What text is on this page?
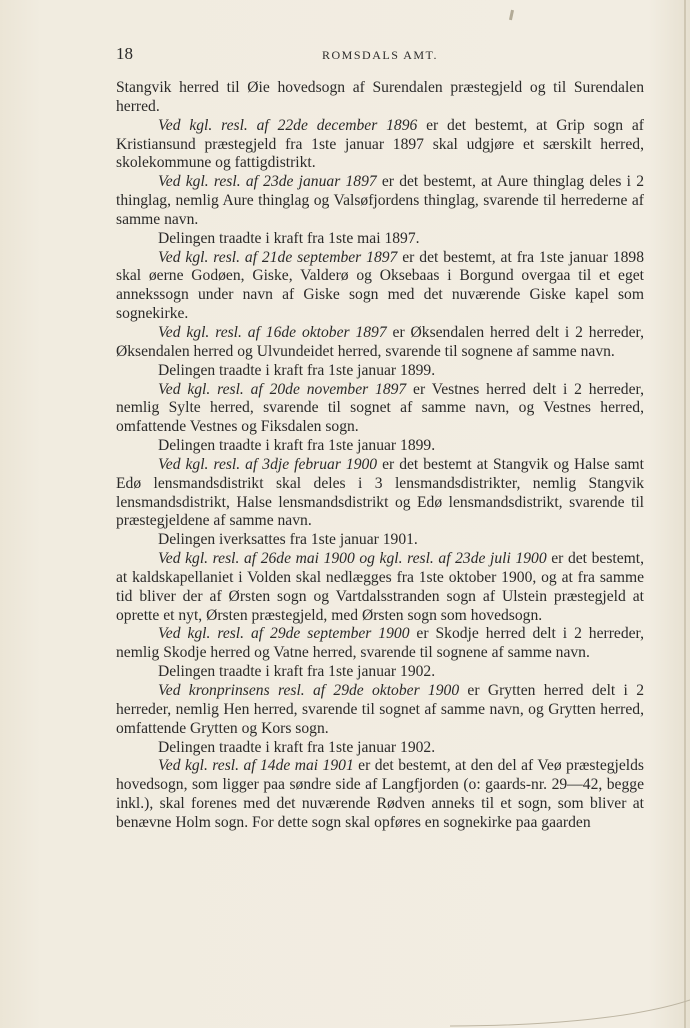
18	ROMSDALS AMT.

Stangvik herred til Øie hovedsogn af Surendalen præstegjeld og til Surendalen herred.

Ved kgl. resl. af 22de december 1896 er det bestemt, at Grip sogn af Kristiansund præstegjeld fra 1ste januar 1897 skal udgjøre et særskilt herred, skolekommune og fattigdistrikt.

Ved kgl. resl. af 23de januar 1897 er det bestemt, at Aure thinglag deles i 2 thinglag, nemlig Aure thinglag og Valsøfjordens thinglag, svarende til herrederne af samme navn.

Delingen traadte i kraft fra 1ste mai 1897.

Ved kgl. resl. af 21de september 1897 er det bestemt, at fra 1ste januar 1898 skal øerne Godøen, Giske, Valderø og Oksebaas i Borgund overgaa til et eget annekssogn under navn af Giske sogn med det nuværende Giske kapel som sognekirke.

Ved kgl. resl. af 16de oktober 1897 er Øksendalen herred delt i 2 herreder, Øksendalen herred og Ulvundeidet herred, svarende til sognene af samme navn.

Delingen traadte i kraft fra 1ste januar 1899.

Ved kgl. resl. af 20de november 1897 er Vestnes herred delt i 2 herreder, nemlig Sylte herred, svarende til sognet af samme navn, og Vestnes herred, omfattende Vestnes og Fiksdalen sogn.

Delingen traadte i kraft fra 1ste januar 1899.

Ved kgl. resl. af 3dje februar 1900 er det bestemt at Stangvik og Halse samt Edø lensmandsdistrikt skal deles i 3 lensmandsdistrikter, nemlig Stangvik lensmandsdistrikt, Halse lensmandsdistrikt og Edø lensmandsdistrikt, svarende til præstegjeldene af samme navn.

Delingen iverksattes fra 1ste januar 1901.

Ved kgl. resl. af 26de mai 1900 og kgl. resl. af 23de juli 1900 er det bestemt, at kaldskapellaniet i Volden skal nedlægges fra 1ste oktober 1900, og at fra samme tid bliver der af Ørsten sogn og Vartdalsstranden sogn af Ulstein præstegjeld at oprette et nyt, Ørsten præstegjeld, med Ørsten sogn som hovedsogn.

Ved kgl. resl. af 29de september 1900 er Skodje herred delt i 2 herreder, nemlig Skodje herred og Vatne herred, svarende til sognene af samme navn.

Delingen traadte i kraft fra 1ste januar 1902.

Ved kronprinsens resl. af 29de oktober 1900 er Grytten herred delt i 2 herreder, nemlig Hen herred, svarende til sognet af samme navn, og Grytten herred, omfattende Grytten og Kors sogn.

Delingen traadte i kraft fra 1ste januar 1902.

Ved kgl. resl. af 14de mai 1901 er det bestemt, at den del af Veø præstegjelds hovedsogn, som ligger paa søndre side af Langfjorden (o: gaards-nr. 29—42, begge inkl.), skal forenes med det nuværende Rødven anneks til et sogn, som bliver at benævne Holm sogn. For dette sogn skal opføres en sognekirke paa gaarden
